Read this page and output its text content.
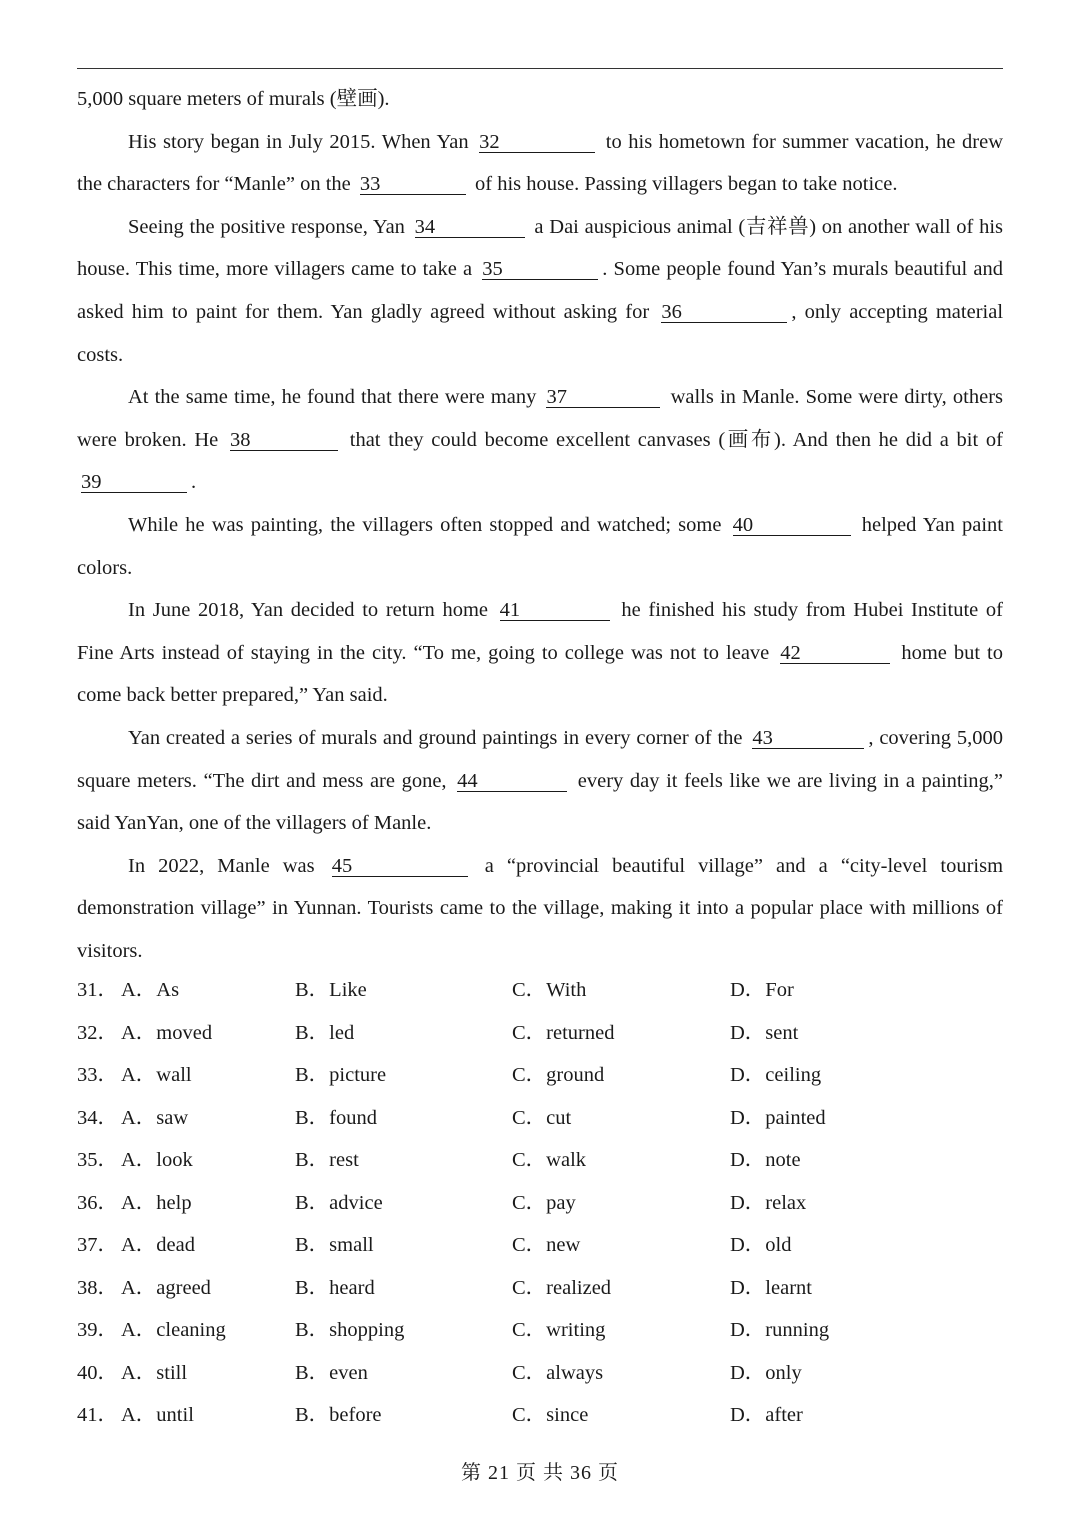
5,000 square meters of murals (壁画).

His story began in July 2015. When Yan 32	to his hometown for summer vacation, he drew the characters for “Manle” on the 33	of his house. Passing villagers began to take notice.

Seeing the positive response, Yan 34	a Dai auspicious animal (吉祥兽) on another wall of his house. This time, more villagers came to take a 35	. Some people found Yan’s murals beautiful and asked him to paint for them. Yan gladly agreed without asking for 36	, only accepting material costs.

At the same time, he found that there were many 37	walls in Manle. Some were dirty, others were broken. He 38	that they could become excellent canvases (画布). And then he did a bit of 39	.

While he was painting, the villagers often stopped and watched; some 40	helped Yan paint colors.

In June 2018, Yan decided to return home 41	he finished his study from Hubei Institute of Fine Arts instead of staying in the city. “To me, going to college was not to leave 42	home but to come back better prepared,” Yan said.

Yan created a series of murals and ground paintings in every corner of the 43	, covering 5,000 square meters. “The dirt and mess are gone, 44	every day it feels like we are living in a painting,” said YanYan, one of the villagers of Manle.

In 2022, Manle was 45	a “provincial beautiful village” and a “city-level tourism demonstration village” in Yunnan. Tourists came to the village, making it into a popular place with millions of visitors.

31． A．As	B．Like	C．With	D．For
32． A．moved	B．led	C．returned	D．sent
33． A．wall	B．picture	C．ground	D．ceiling
34． A．saw	B．found	C．cut	D．painted
35． A．look	B．rest	C．walk	D．note
36． A．help	B．advice	C．pay	D．relax
37． A．dead	B．small	C．new	D．old
38． A．agreed	B．heard	C．realized	D．learnt
39． A．cleaning	B．shopping	C．writing	D．running
40． A．still	B．even	C．always	D．only
41． A．until	B．before	C．since	D．after
第 21 页 共 36 页
